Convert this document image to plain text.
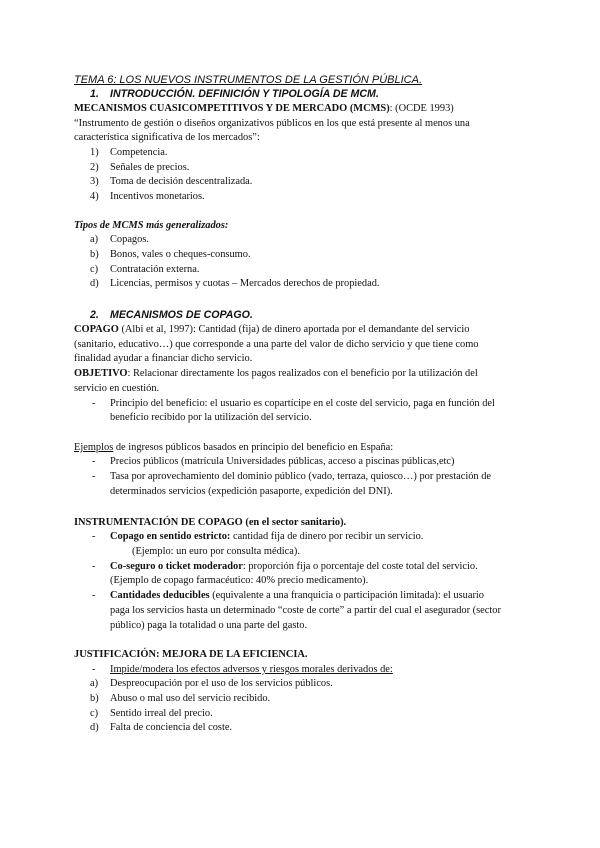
TEMA 6: LOS NUEVOS INSTRUMENTOS DE LA GESTIÓN PÚBLICA.
1. INTRODUCCIÓN. DEFINICIÓN Y TIPOLOGÍA DE MCM.
MECANISMOS CUASICOMPETITIVOS Y DE MERCADO (MCMS): (OCDE 1993)
“Instrumento de gestión o diseños organizativos públicos en los que está presente al menos una
característica significativa de los mercados”:
1) Competencia.
2) Señales de precios.
3) Toma de decisión descentralizada.
4) Incentivos monetarios.
Tipos de MCMS más generalizados:
a) Copagos.
b) Bonos, vales o cheques-consumo.
c) Contratación externa.
d) Licencias, permisos y cuotas – Mercados derechos de propiedad.
2. MECANISMOS DE COPAGO.
COPAGO (Albi et al, 1997): Cantidad (fija) de dinero aportada por el demandante del servicio
(sanitario, educativo…) que corresponde a una parte del valor de dicho servicio y que tiene como
finalidad ayudar a financiar dicho servicio.
OBJETIVO: Relacionar directamente los pagos realizados con el beneficio por la utilización del
servicio en cuestión.
- Principio del beneficio: el usuario es copartícipe en el coste del servicio, paga en función del
beneficio recibido por la utilización del servicio.
Ejemplos de ingresos públicos basados en principio del beneficio en España:
- Precios públicos (matrícula Universidades públicas, acceso a piscinas públicas,etc)
- Tasa por aprovechamiento del dominio público (vado, terraza, quiosco…) por prestación de
determinados servicios (expedición pasaporte, expedición del DNI).
INSTRUMENTACIÓN DE COPAGO (en el sector sanitario).
- Copago en sentido estricto: cantidad fija de dinero por recibir un servicio.
(Ejemplo: un euro por consulta médica).
- Co-seguro o ticket moderador: proporción fija o porcentaje del coste total del servicio.
(Ejemplo de copago farmacéutico: 40% precio medicamento).
- Cantidades deducibles (equivalente a una franquicia o participación limitada): el usuario
paga los servicios hasta un determinado “coste de corte” a partir del cual el asegurador (sector
público) paga la totalidad o una parte del gasto.
JUSTIFICACIÓN: MEJORA DE LA EFICIENCIA.
- Impide/modera los efectos adversos y riesgos morales derivados de:
a) Despreocupación por el uso de los servicios públicos.
b) Abuso o mal uso del servicio recibido.
c) Sentido irreal del precio.
d) Falta de conciencia del coste.
